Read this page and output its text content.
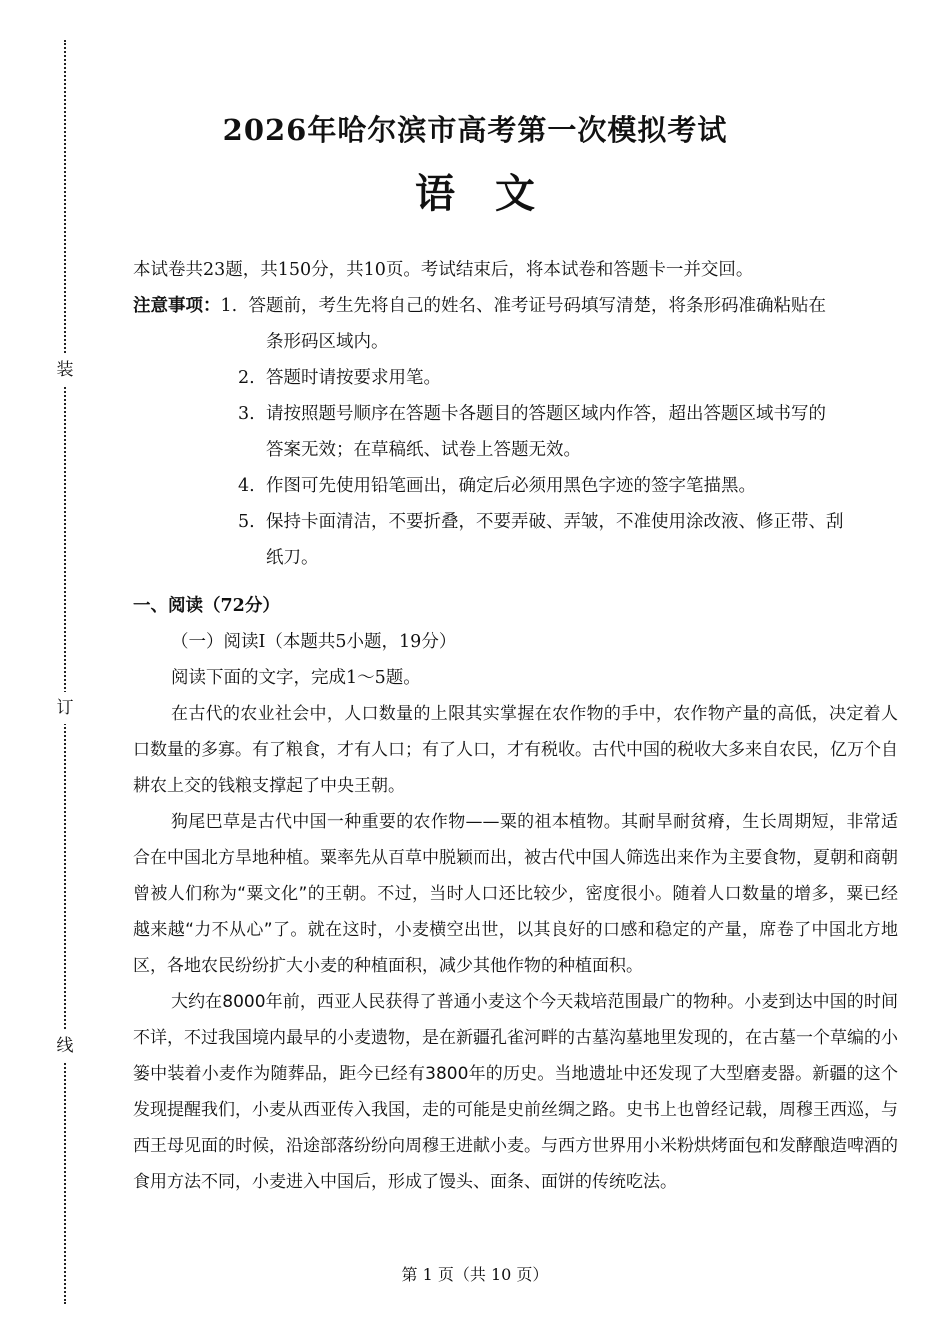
装
订
线
2026年哈尔滨市高考第一次模拟考试
语文
本试卷共23题，共150分，共10页。考试结束后，将本试卷和答题卡一并交回。
注意事项： 1. 答题前，考生先将自己的姓名、准考证号码填写清楚，将条形码准确粘贴在
条形码区域内。
2. 答题时请按要求用笔。
3. 请按照题号顺序在答题卡各题目的答题区域内作答，超出答题区域书写的
答案无效；在草稿纸、试卷上答题无效。
4. 作图可先使用铅笔画出，确定后必须用黑色字迹的签字笔描黑。
5. 保持卡面清洁，不要折叠，不要弄破、弄皱，不准使用涂改液、修正带、刮
纸刀。
一、阅读（72分）
（一）阅读Ⅰ（本题共5小题，19分）
阅读下面的文字，完成1～5题。

在古代的农业社会中，人口数量的上限其实掌握在农作物的手中，农作物产量的高低，决定着人口数量的多寡。有了粮食，才有人口；有了人口，才有税收。古代中国的税收大多来自农民，亿万个自耕农上交的钱粮支撑起了中央王朝。

狗尾巴草是古代中国一种重要的农作物——粟的祖本植物。其耐旱耐贫瘠，生长周期短，非常适合在中国北方旱地种植。粟率先从百草中脱颖而出，被古代中国人筛选出来作为主要食物，夏朝和商朝曾被人们称为“粟文化”的王朝。不过，当时人口还比较少，密度很小。随着人口数量的增多，粟已经越来越“力不从心”了。就在这时，小麦横空出世，以其良好的口感和稳定的产量，席卷了中国北方地区，各地农民纷纷扩大小麦的种植面积，减少其他作物的种植面积。

大约在8000年前，西亚人民获得了普通小麦这个今天栽培范围最广的物种。小麦到达中国的时间不详，不过我国境内最早的小麦遗物，是在新疆孔雀河畔的古墓沟墓地里发现的，在古墓一个草编的小篓中装着小麦作为随葬品，距今已经有3800年的历史。当地遗址中还发现了大型磨麦器。新疆的这个发现提醒我们，小麦从西亚传入我国，走的可能是史前丝绸之路。史书上也曾经记载，周穆王西巡，与西王母见面的时候，沿途部落纷纷向周穆王进献小麦。与西方世界用小米粉烘烤面包和发酵酿造啤酒的食用方法不同，小麦进入中国后，形成了馒头、面条、面饼的传统吃法。

第 1 页（共 10 页）
